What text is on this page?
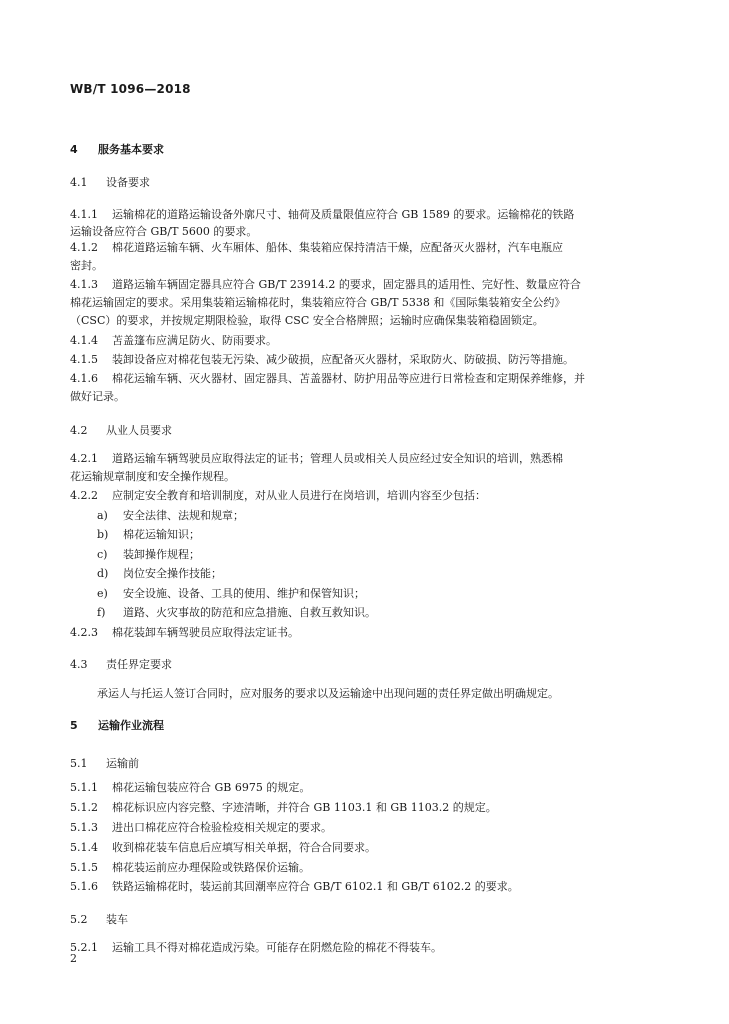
WB/T 1096—2018
4 服务基本要求
4.1 设备要求
4.1.1 运输棉花的道路运输设备外廓尺寸、轴荷及质量限值应符合 GB 1589 的要求。运输棉花的铁路
运输设备应符合 GB/T 5600 的要求。
4.1.2 棉花道路运输车辆、火车厢体、船体、集装箱应保持清洁干燥，应配备灭火器材，汽车电瓶应
密封。
4.1.3 道路运输车辆固定器具应符合 GB/T 23914.2 的要求，固定器具的适用性、完好性、数量应符合
棉花运输固定的要求。采用集装箱运输棉花时，集装箱应符合 GB/T 5338 和《国际集装箱安全公约》
（CSC）的要求，并按规定期限检验，取得 CSC 安全合格牌照；运输时应确保集装箱稳固锁定。
4.1.4 苫盖篷布应满足防火、防雨要求。
4.1.5 装卸设备应对棉花包装无污染、减少破损，应配备灭火器材，采取防火、防破损、防污等措施。
4.1.6 棉花运输车辆、灭火器材、固定器具、苫盖器材、防护用品等应进行日常检查和定期保养维修，并
做好记录。
4.2 从业人员要求
4.2.1 道路运输车辆驾驶员应取得法定的证书；管理人员或相关人员应经过安全知识的培训，熟悉棉
花运输规章制度和安全操作规程。
4.2.2 应制定安全教育和培训制度，对从业人员进行在岗培训，培训内容至少包括：
a) 安全法律、法规和规章；
b) 棉花运输知识；
c) 装卸操作规程；
d) 岗位安全操作技能；
e) 安全设施、设备、工具的使用、维护和保管知识；
f) 道路、火灾事故的防范和应急措施、自救互救知识。
4.2.3 棉花装卸车辆驾驶员应取得法定证书。
4.3 责任界定要求
承运人与托运人签订合同时，应对服务的要求以及运输途中出现问题的责任界定做出明确规定。
5 运输作业流程
5.1 运输前
5.1.1 棉花运输包装应符合 GB 6975 的规定。
5.1.2 棉花标识应内容完整、字迹清晰，并符合 GB 1103.1 和 GB 1103.2 的规定。
5.1.3 进出口棉花应符合检验检疫相关规定的要求。
5.1.4 收到棉花装车信息后应填写相关单据，符合合同要求。
5.1.5 棉花装运前应办理保险或铁路保价运输。
5.1.6 铁路运输棉花时，装运前其回潮率应符合 GB/T 6102.1 和 GB/T 6102.2 的要求。
5.2 装车
5.2.1 运输工具不得对棉花造成污染。可能存在阴燃危险的棉花不得装车。
2
